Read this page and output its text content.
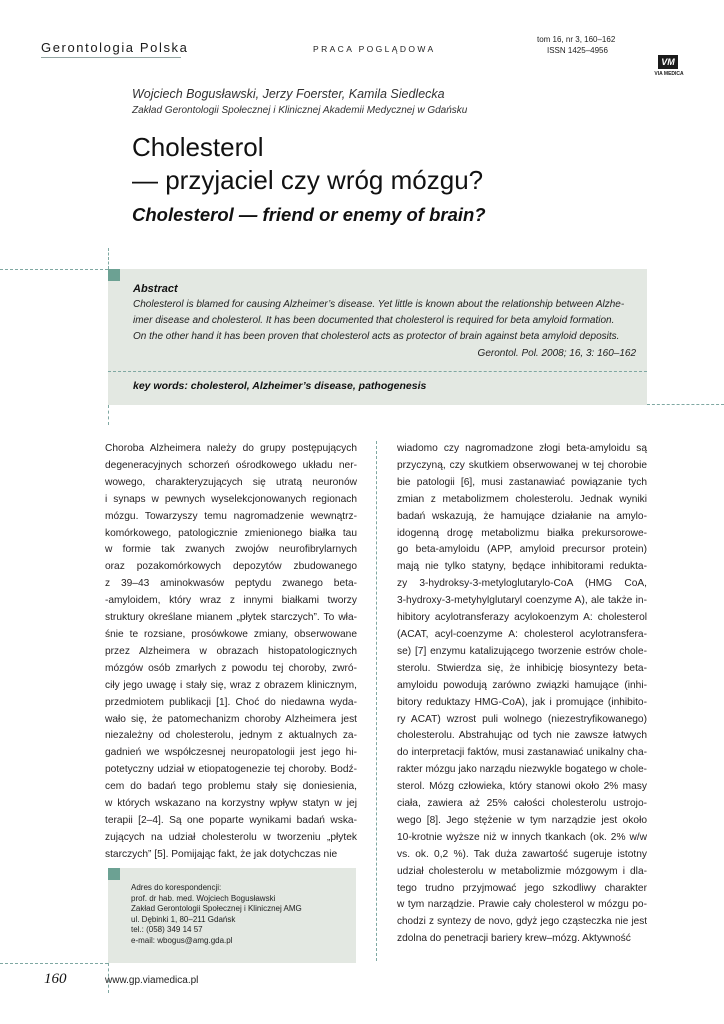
Gerontologia Polska	PRACA POGLĄDOWA
tom 16, nr 3, 160–162
ISSN 1425–4956
VM
VIA MEDICA
Wojciech Bogusławski, Jerzy Foerster, Kamila Siedlecka
Zakład Gerontologii Społecznej i Klinicznej Akademii Medycznej w Gdańsku
Cholesterol
— przyjaciel czy wróg mózgu?
Cholesterol — friend or enemy of brain?
Abstract
Cholesterol is blamed for causing Alzheimer’s disease. Yet little is known about the relationship between Alzhe-
imer disease and cholesterol. It has been documented that cholesterol is required for beta amyloid formation.
On the other hand it has been proven that cholesterol acts as protector of brain against beta amyloid deposits.
Gerontol. Pol. 2008; 16, 3: 160–162
key words: cholesterol, Alzheimer’s disease, pathogenesis
Choroba Alzheimera należy do grupy postępujących
degeneracyjnych schorzeń ośrodkowego układu ner-
wowego, charakteryzujących się utratą neuronów
i synaps w pewnych wyselekcjonowanych regionach
mózgu. Towarzyszy temu nagromadzenie wewnątrz-
komórkowego, patologicznie zmienionego białka tau
w formie tak zwanych zwojów neurofibrylarnych
oraz pozakomórkowych depozytów zbudowanego
z 39–43 aminokwasów peptydu zwanego beta-
-amyloidem, który wraz z innymi białkami tworzy
struktury określane mianem „płytek starczych”. To wła-
śnie te rozsiane, prosówkowe zmiany, obserwowane
przez Alzheimera w obrazach histopatologicznych
mózgów osób zmarłych z powodu tej choroby, zwró-
ciły jego uwagę i stały się, wraz z obrazem klinicznym,
przedmiotem publikacji [1]. Choć do niedawna wyda-
wało się, że patomechanizm choroby Alzheimera jest
niezależny od cholesterolu, jednym z aktualnych za-
gadnień we współczesnej neuropatologii jest jego hi-
potetyczny udział w etiopatogenezie tej choroby. Bodź-
cem do badań tego problemu stały się doniesienia,
w których wskazano na korzystny wpływ statyn w jej
terapii [2–4]. Są one poparte wynikami badań wska-
zujących na udział cholesterolu w tworzeniu „płytek
starczych” [5]. Pomijając fakt, że jak dotychczas nie
wiadomo czy nagromadzone złogi beta-amyloidu są
przyczyną, czy skutkiem obserwowanej w tej chorobie
bie patologii [6], musi zastanawiać powiązanie tych
zmian z metabolizmem cholesterolu. Jednak wyniki
badań wskazują, że hamujące działanie na amylo-
idogenną drogę metabolizmu białka prekursorowe-
go beta-amyloidu (APP, amyloid precursor protein)
mają nie tylko statyny, będące inhibitorami redukta-
zy 3-hydroksy-3-metyloglutarylo-CoA (HMG CoA,
3-hydroxy-3-metyhylglutaryl coenzyme A), ale także in-
hibitory acylotransferazy acylokoenzym A: cholesterol
(ACAT, acyl-coenzyme A: cholesterol acylotransfera-
se) [7] enzymu katalizującego tworzenie estrów chole-
sterolu. Stwierdza się, że inhibicję biosyntezy beta-
amyloidu powodują zarówno związki hamujące (inhi-
bitory reduktazy HMG-CoA), jak i promujące (inhibito-
ry ACAT) wzrost puli wolnego (niezestryfikowanego)
cholesterolu. Abstrahując od tych nie zawsze łatwych
do interpretacji faktów, musi zastanawiać unikalny cha-
rakter mózgu jako narządu niezwykle bogatego w chole-
sterol. Mózg człowieka, który stanowi około 2% masy
ciała, zawiera aż 25% całości cholesterolu ustrojo-
wego [8]. Jego stężenie w tym narządzie jest około
10-krotnie wyższe niż w innych tkankach (ok. 2% w/w
vs. ok. 0,2 %). Tak duża zawartość sugeruje istotny
udział cholesterolu w metabolizmie mózgowym i dla-
tego trudno przyjmować jego szkodliwy charakter
w tym narządzie. Prawie cały cholesterol w mózgu po-
chodzi z syntezy de novo, gdyż jego cząsteczka nie jest
zdolna do penetracji bariery krew–mózg. Aktywność
Adres do korespondencji:
prof. dr hab. med. Wojciech Bogusławski
Zakład Gerontologii Społecznej i Klinicznej AMG
ul. Dębinki 1, 80–211 Gdańsk
tel.: (058) 349 14 57
e-mail: wbogus@amg.gda.pl
160	www.gp.viamedica.pl
